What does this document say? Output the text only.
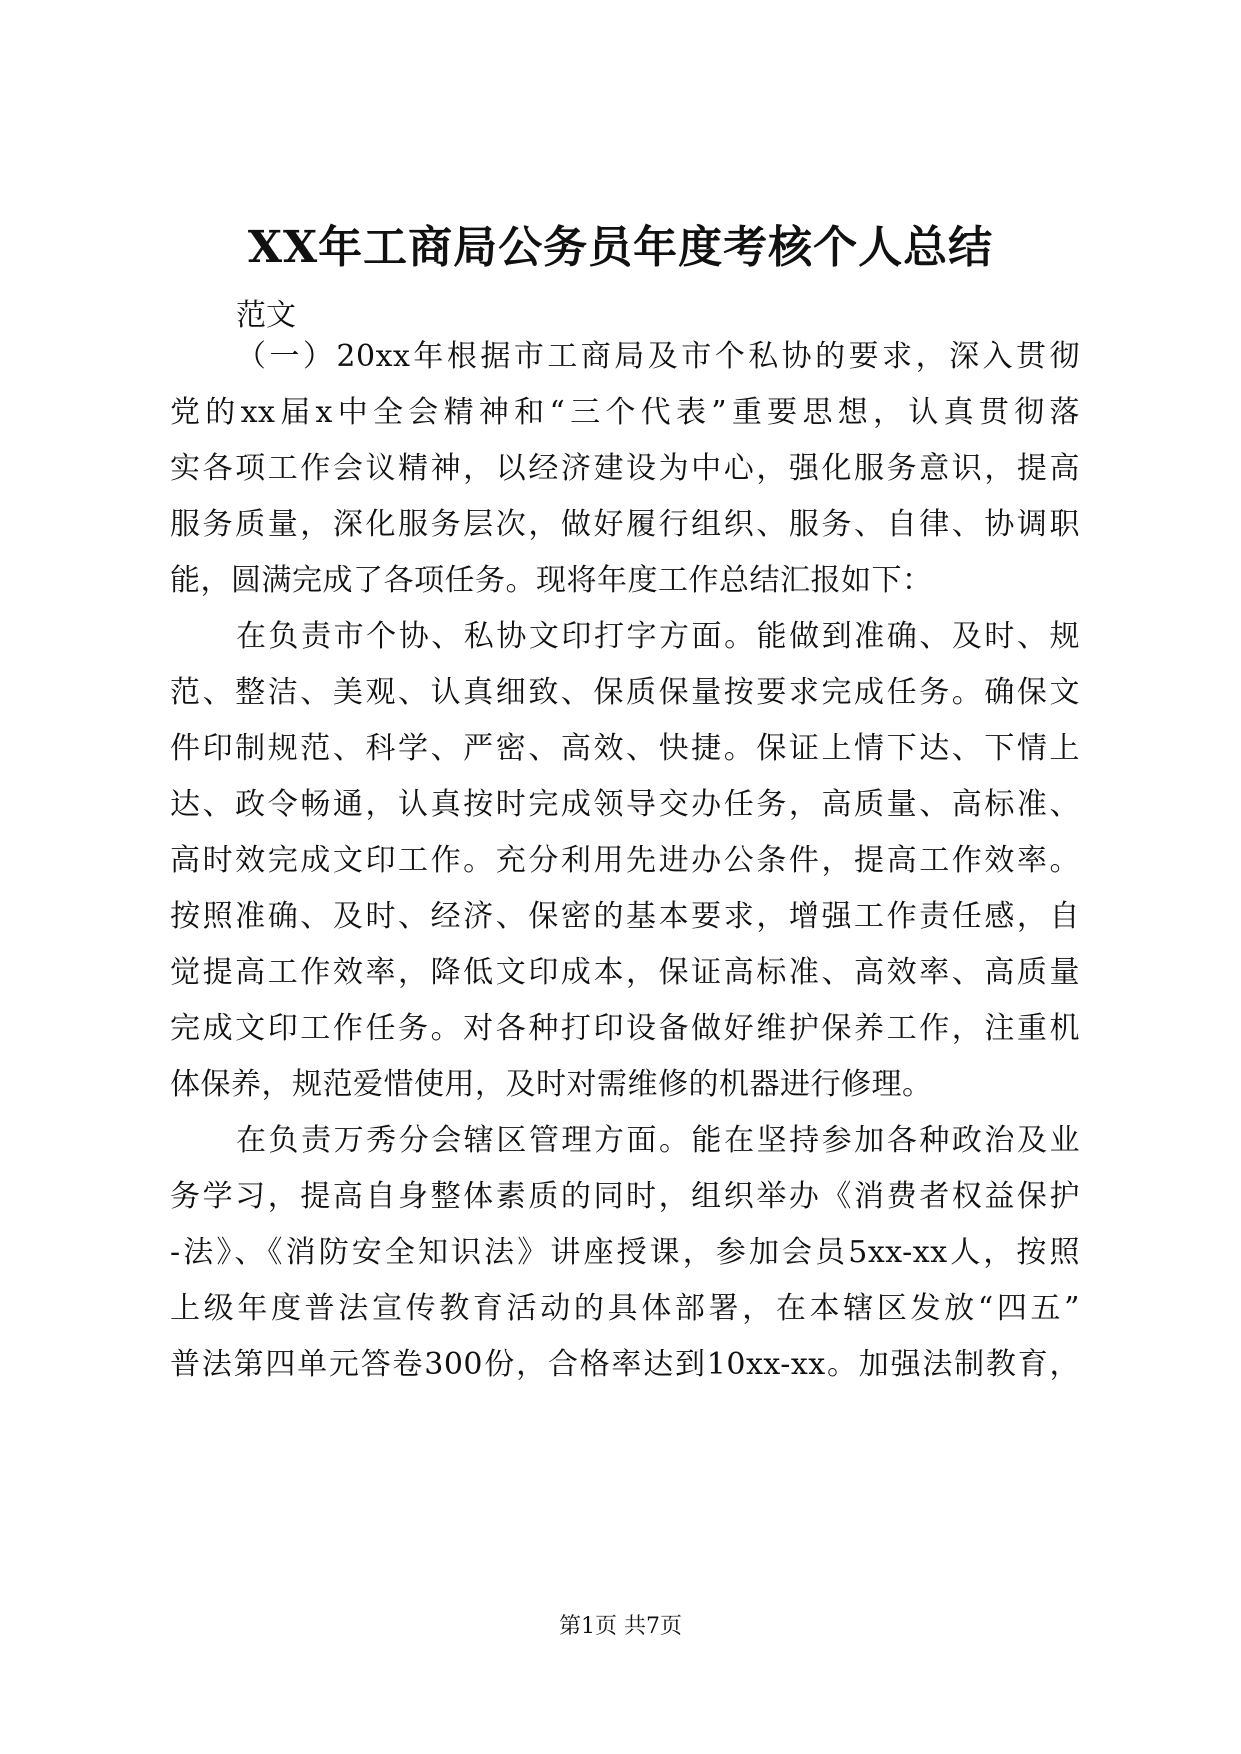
XX年工商局公务员年度考核个人总结
范文
（一）20xx年根据市工商局及市个私协的要求，深入贯彻
党的xx届x中全会精神和“三个代表”重要思想，认真贯彻落
实各项工作会议精神，以经济建设为中心，强化服务意识，提高
服务质量，深化服务层次，做好履行组织、服务、自律、协调职
能，圆满完成了各项任务。现将年度工作总结汇报如下：
在负责市个协、私协文印打字方面。能做到准确、及时、规
范、整洁、美观、认真细致、保质保量按要求完成任务。确保文
件印制规范、科学、严密、高效、快捷。保证上情下达、下情上
达、政令畅通，认真按时完成领导交办任务，高质量、高标准、
高时效完成文印工作。充分利用先进办公条件，提高工作效率。
按照准确、及时、经济、保密的基本要求，增强工作责任感，自
觉提高工作效率，降低文印成本，保证高标准、高效率、高质量
完成文印工作任务。对各种打印设备做好维护保养工作，注重机
体保养，规范爱惜使用，及时对需维修的机器进行修理。
在负责万秀分会辖区管理方面。能在坚持参加各种政治及业
务学习，提高自身整体素质的同时，组织举办《消费者权益保护
-法》、《消防安全知识法》讲座授课，参加会员5xx-xx人，按照
上级年度普法宣传教育活动的具体部署，在本辖区发放“四五”
普法第四单元答卷300份，合格率达到10xx-xx。加强法制教育，
第1页 共7页
